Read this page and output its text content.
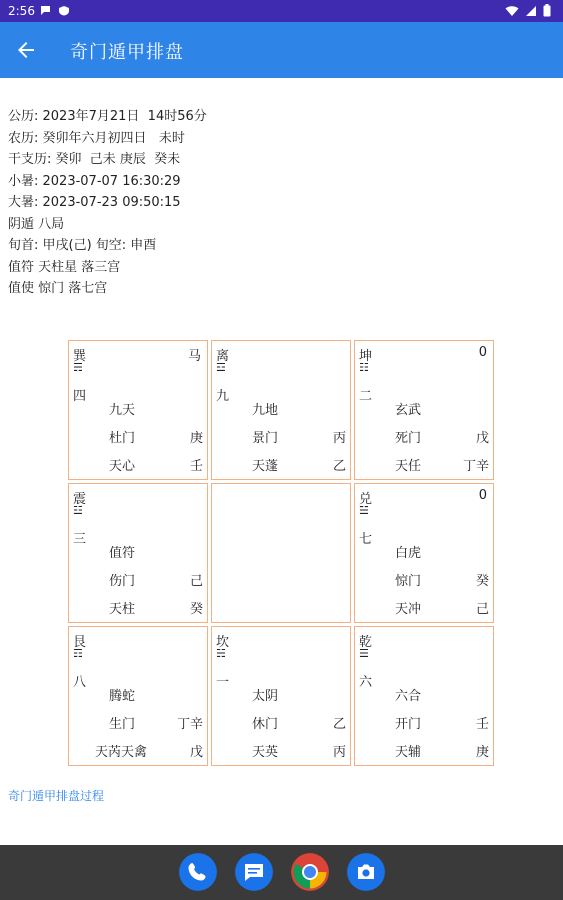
2:56
奇门遁甲排盘
公历: 2023年7月21日  14时56分
农历: 癸卯年六月初四日   未时
干支历: 癸卯  己未 庚辰  癸未
小暑: 2023-07-07 16:30:29
大暑: 2023-07-23 09:50:15
阴遁 八局
旬首: 甲戌(己) 旬空: 申酉
值符 天柱星 落三宫
值使 惊门 落七宫
巽
☴
四
马
九天
杜门	庚
天心	壬
离
☲
九
九地
景门	丙
天蓬	乙
坤
☷
二
0
玄武
死门	戊
天任	丁辛
震
☳
三
值符
伤门	己
天柱	癸
兑
☱
七
0
白虎
惊门	癸
天冲	己
艮
☶
八
腾蛇
生门	丁辛
天芮天禽	戊
坎
☵
一
太阴
休门	乙
天英	丙
乾
☰
六
六合
开门	壬
天辅	庚
奇门遁甲排盘过程
